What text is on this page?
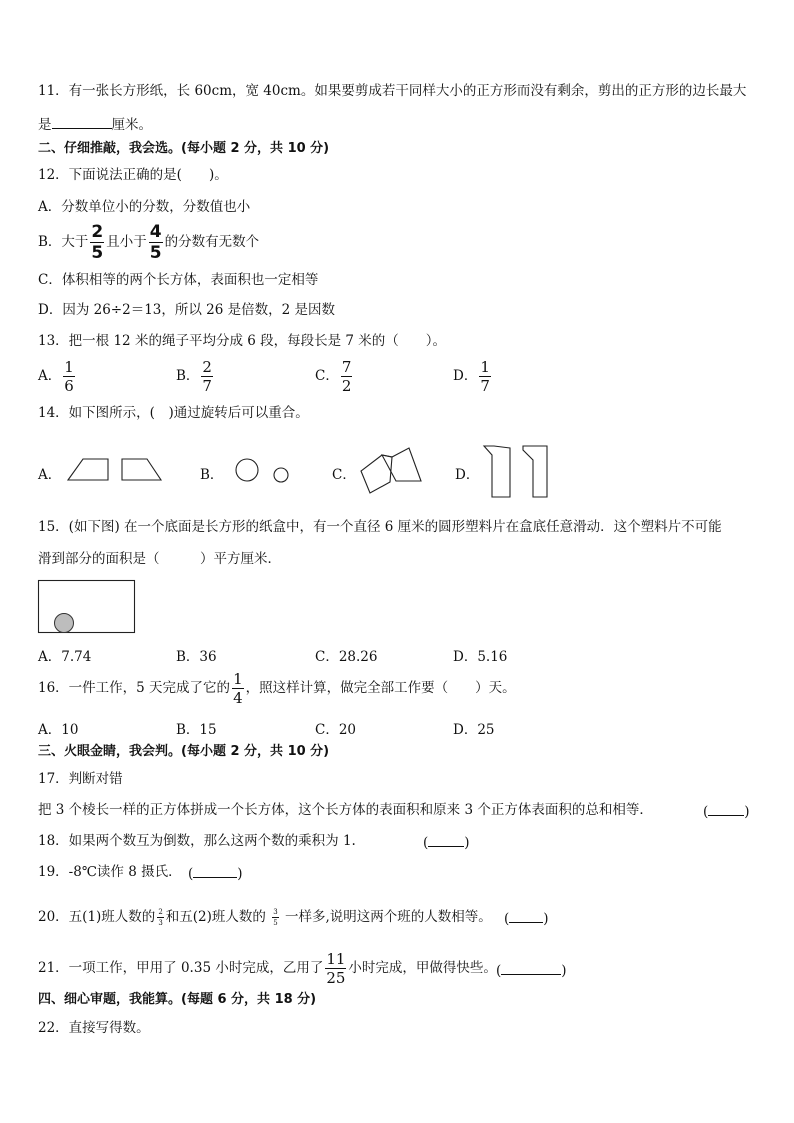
11．有一张长方形纸，长 60cm，宽 40cm。如果要剪成若干同样大小的正方形而没有剩余，剪出的正方形的边长最大
是	厘米。
二、仔细推敲，我会选。(每小题 2 分，共 10 分)
12．下面说法正确的是(　　)。
A．分数单位小的分数，分数值也小
B．大于 $\frac{2}{5}$ 且小于 $\frac{4}{5}$ 的分数有无数个
C．体积相等的两个长方体，表面积也一定相等
D．因为 26÷2＝13，所以 26 是倍数，2 是因数
13．把一根 12 米的绳子平均分成 6 段，每段长是 7 米的（　　）。
A． $\frac{1}{6}$	B． $\frac{2}{7}$	C． $\frac{7}{2}$	D． $\frac{1}{7}$
14．如下图所示，(　)通过旋转后可以重合。
A．	B．	C．	D．
15．(如下图) 在一个底面是长方形的纸盒中，有一个直径 6 厘米的圆形塑料片在盒底任意滑动．这个塑料片不可能
滑到部分的面积是（　　　）平方厘米．
A．7.74	B．36	C．28.26	D．5.16
16．一件工作，5 天完成了它的 $\frac{1}{4}$ ，照这样计算，做完全部工作要（　　）天。
A．10	B．15	C．20	D．25
三、火眼金睛，我会判。(每小题 2 分，共 10 分)
17．判断对错
把 3 个棱长一样的正方体拼成一个长方体，这个长方体的表面积和原来 3 个正方体表面积的总和相等．	(	)
18．如果两个数互为倒数，那么这两个数的乘积为 1.	(	)
19．-8℃读作 8 摄氏． (	)
20．五(1)班人数的 $\frac{2}{3}$ 和五(2)班人数的 $\frac{3}{5}$ 一样多,说明这两个班的人数相等。 (	)
21．一项工作，甲用了 0.35 小时完成，乙用了 $\frac{11}{25}$ 小时完成，甲做得快些。 (	)
四、细心审题，我能算。(每题 6 分，共 18 分)
22．直接写得数。
